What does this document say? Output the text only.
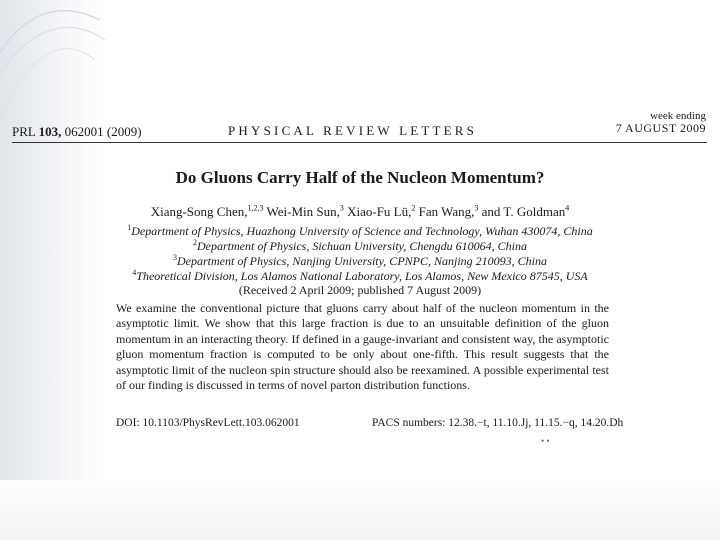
PRL 103, 062001 (2009)	PHYSICAL REVIEW LETTERS
week ending
7 AUGUST 2009
Do Gluons Carry Half of the Nucleon Momentum?
Xiang-Song Chen,$^{1,2,3}$ Wei-Min Sun,$^3$ Xiao-Fu Lü,$^2$ Fan Wang,$^3$ and T. Goldman$^4$
$^1$Department of Physics, Huazhong University of Science and Technology, Wuhan 430074, China
$^2$Department of Physics, Sichuan University, Chengdu 610064, China
$^3$Department of Physics, Nanjing University, CPNPC, Nanjing 210093, China
$^4$Theoretical Division, Los Alamos National Laboratory, Los Alamos, New Mexico 87545, USA
(Received 2 April 2009; published 7 August 2009)

We examine the conventional picture that gluons carry about half of the nucleon momentum in the asymptotic limit. We show that this large fraction is due to an unsuitable definition of the gluon momentum in an interacting theory. If defined in a gauge-invariant and consistent way, the asymptotic gluon momentum fraction is computed to be only about one-fifth. This result suggests that the asymptotic limit of the nucleon spin structure should also be reexamined. A possible experimental test of our finding is discussed in terms of novel parton distribution functions.

DOI: 10.1103/PhysRevLett.103.062001	PACS numbers: 12.38.−t, 11.10.Jj, 11.15.−q, 14.20.Dh
• •
